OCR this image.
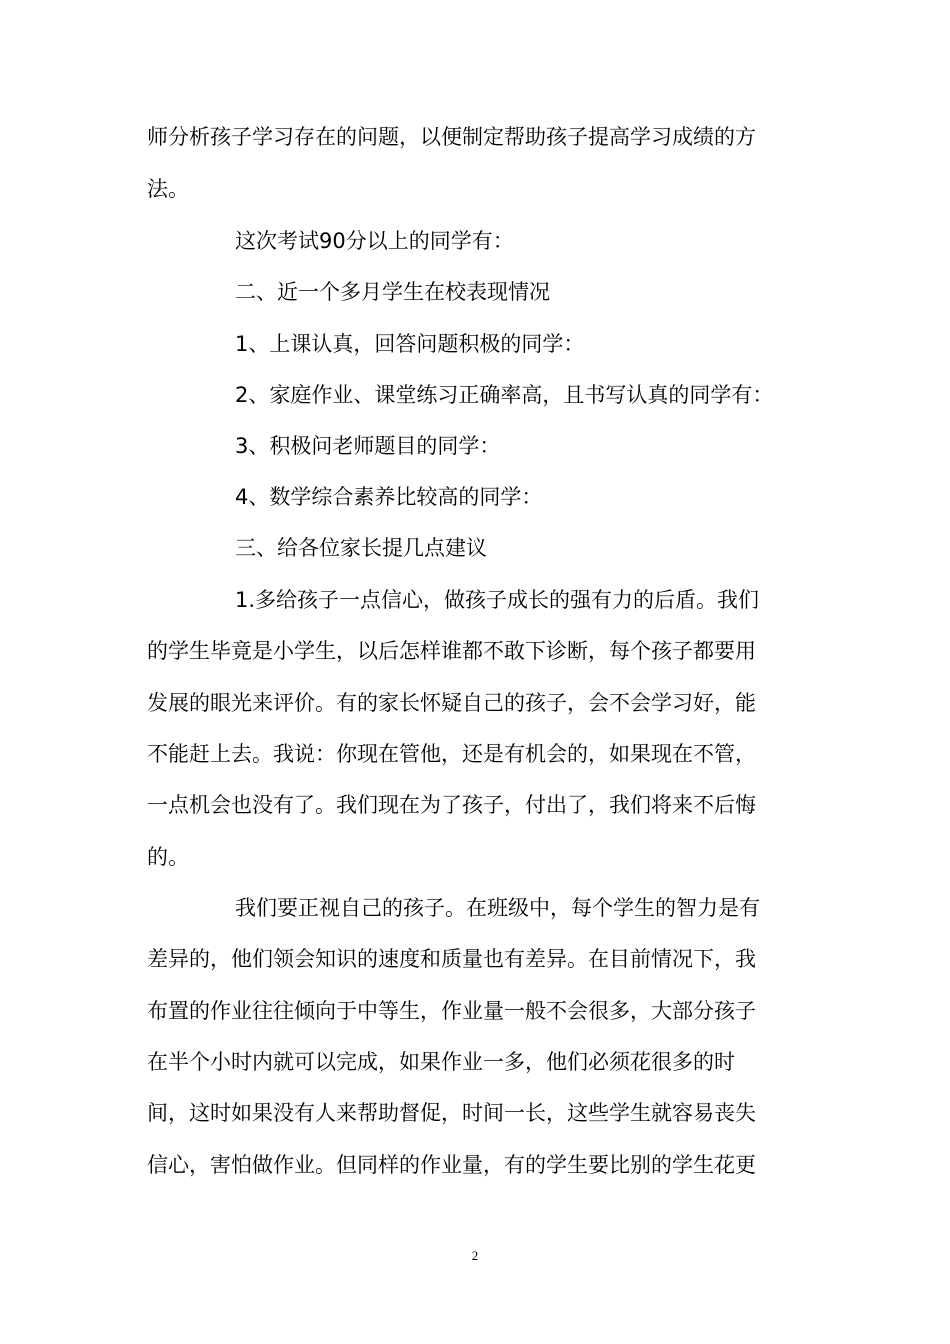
师分析孩子学习存在的问题，以便制定帮助孩子提高学习成绩的方
法。
这次考试90分以上的同学有：
二、近一个多月学生在校表现情况
1、上课认真，回答问题积极的同学：
2、家庭作业、课堂练习正确率高，且书写认真的同学有：
3、积极问老师题目的同学：
4、数学综合素养比较高的同学：
三、给各位家长提几点建议
1.多给孩子一点信心，做孩子成长的强有力的后盾。我们
的学生毕竟是小学生，以后怎样谁都不敢下诊断，每个孩子都要用
发展的眼光来评价。有的家长怀疑自己的孩子，会不会学习好，能
不能赶上去。我说：你现在管他，还是有机会的，如果现在不管，
一点机会也没有了。我们现在为了孩子，付出了，我们将来不后悔
的。
我们要正视自己的孩子。在班级中，每个学生的智力是有
差异的，他们领会知识的速度和质量也有差异。在目前情况下，我
布置的作业往往倾向于中等生，作业量一般不会很多，大部分孩子
在半个小时内就可以完成，如果作业一多，他们必须花很多的时
间，这时如果没有人来帮助督促，时间一长，这些学生就容易丧失
信心，害怕做作业。但同样的作业量，有的学生要比别的学生花更
2
